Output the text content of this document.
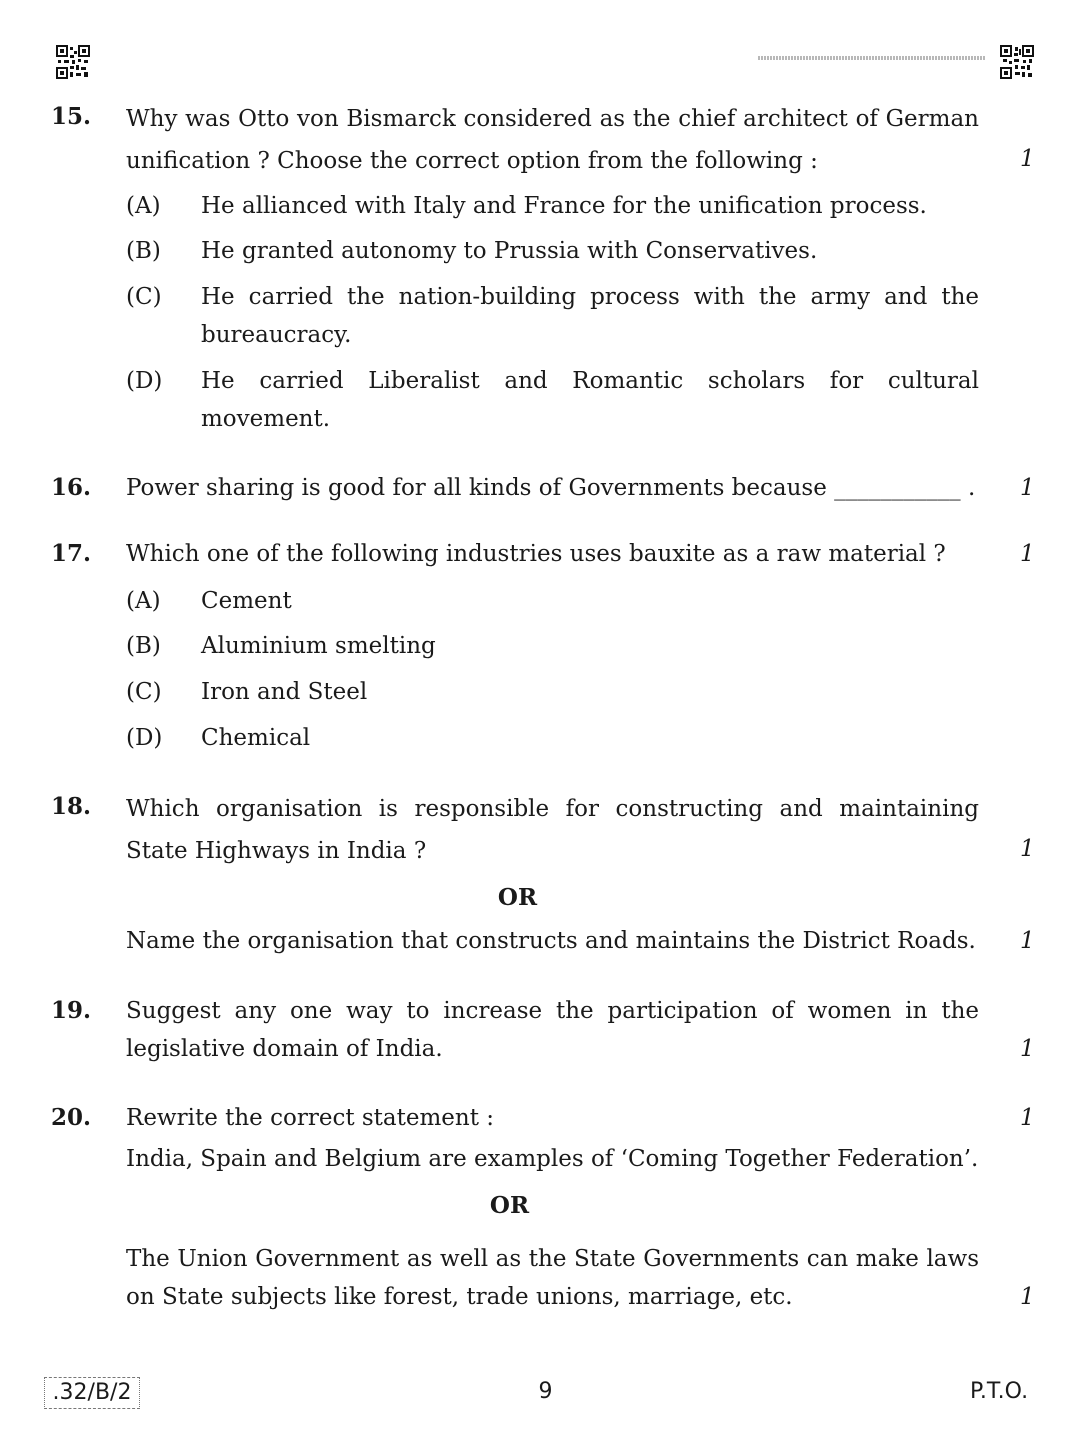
15. Why was Otto von Bismarck considered as the chief architect of German unification ? Choose the correct option from the following :	1
(A) He allianced with Italy and France for the unification process.
(B) He granted autonomy to Prussia with Conservatives.
(C) He carried the nation-building process with the army and the bureaucracy.
(D) He carried Liberalist and Romantic scholars for cultural movement.
16. Power sharing is good for all kinds of Governments because ___________ . 1
17. Which one of the following industries uses bauxite as a raw material ?	1
(A) Cement
(B) Aluminium smelting
(C) Iron and Steel
(D) Chemical
18. Which organisation is responsible for constructing and maintaining State Highways in India ?	1
OR
Name the organisation that constructs and maintains the District Roads. 1
19. Suggest any one way to increase the participation of women in the legislative domain of India.	1
20. Rewrite the correct statement :	1
India, Spain and Belgium are examples of ‘Coming Together Federation’.
OR
The Union Government as well as the State Governments can make laws on State subjects like forest, trade unions, marriage, etc.	1
.32/B/2	9	P.T.O.
